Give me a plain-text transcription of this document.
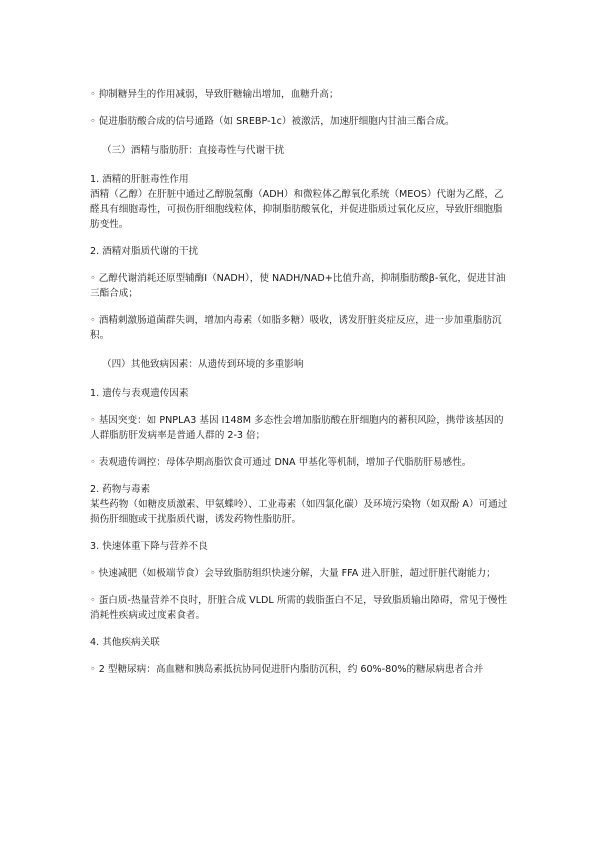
◦ 抑制糖异生的作用减弱，导致肝糖输出增加，血糖升高；

◦ 促进脂肪酸合成的信号通路（如 SREBP-1c）被激活，加速肝细胞内甘油三酯合成。

（三）酒精与脂肪肝：直接毒性与代谢干扰

1. 酒精的肝脏毒性作用

酒精（乙醇）在肝脏中通过乙醇脱氢酶（ADH）和微粒体乙醇氧化系统（MEOS）代谢为乙醛，乙醛具有细胞毒性，可损伤肝细胞线粒体，抑制脂肪酸氧化，并促进脂质过氧化反应，导致肝细胞脂肪变性。

2. 酒精对脂质代谢的干扰

◦ 乙醇代谢消耗还原型辅酶Ⅰ（NADH），使 NADH/NAD+比值升高，抑制脂肪酸β-氧化，促进甘油三酯合成；

◦ 酒精刺激肠道菌群失调，增加内毒素（如脂多糖）吸收，诱发肝脏炎症反应，进一步加重脂肪沉积。

（四）其他致病因素：从遗传到环境的多重影响

1. 遗传与表观遗传因素

◦ 基因突变：如 PNPLA3 基因 I148M 多态性会增加脂肪酸在肝细胞内的蓄积风险，携带该基因的人群脂肪肝发病率是普通人群的 2-3 倍；

◦ 表观遗传调控：母体孕期高脂饮食可通过 DNA 甲基化等机制，增加子代脂肪肝易感性。

2. 药物与毒素

某些药物（如糖皮质激素、甲氨蝶呤）、工业毒素（如四氯化碳）及环境污染物（如双酚 A）可通过损伤肝细胞或干扰脂质代谢，诱发药物性脂肪肝。

3. 快速体重下降与营养不良

◦ 快速减肥（如极端节食）会导致脂肪组织快速分解，大量 FFA 进入肝脏，超过肝脏代谢能力；

◦ 蛋白质-热量营养不良时，肝脏合成 VLDL 所需的载脂蛋白不足，导致脂质输出障碍，常见于慢性消耗性疾病或过度素食者。

4. 其他疾病关联

◦ 2 型糖尿病：高血糖和胰岛素抵抗协同促进肝内脂肪沉积，约 60%-80%的糖尿病患者合并
